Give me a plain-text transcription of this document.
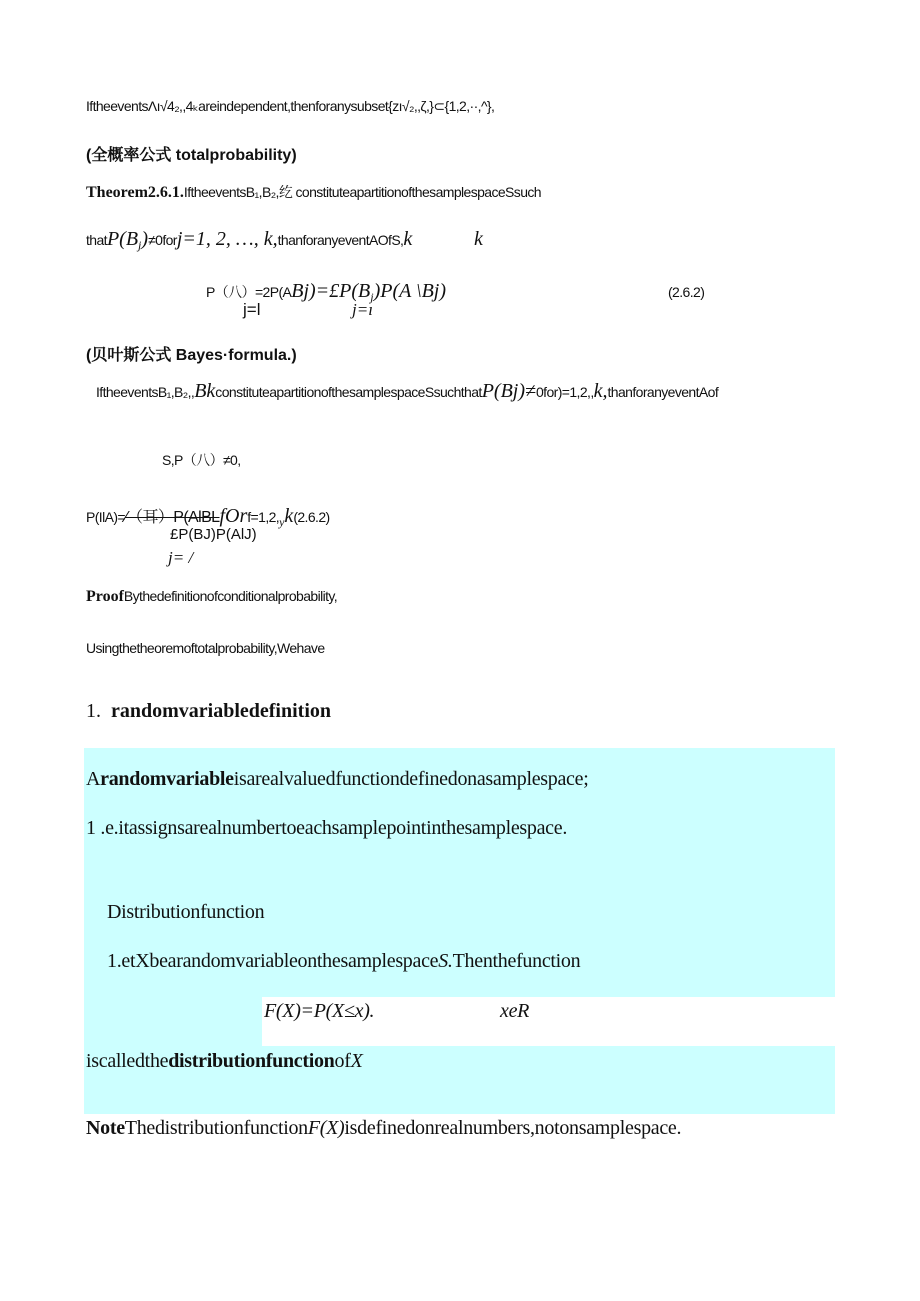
IftheeventsΛı√4₂,,4ₖareindependent,thenforanysubset{zı√₂,,ζ,}⊂{1,2,··,^},
(全概率公式 totalprobability)
Theorem2.6.1.IftheeventsB₁,B₂,纥 constituteapartitionofthesamplespaceSsuch
$thatP(B_j)\ne 0forj=1$, 2, …, k,thanforanyeventAOfS,k	k
P（八）$=2P(ABj)=£P(B_j)P(A$ \Bj)	(2.6.2)
j=l	j=ı
(贝叶斯公式 Bayes·formula.)
IftheeventsB₁,B₂,,BkconstituteapartitionofthesamplespaceSsuchthatP(Bj)≠0for)=1,2,,k,thanforanyeventAof
S,P（八）≠0,
P(IlA)=∕（耳）$P(AlBLfOrf=1,2,_yk(2.6.2)$
£P(BJ)P(AlJ)
j= /
ProofBythedefinitionofconditionalprobability,
Usingthetheoremoftotalprobability,Wehave
1. randomvariabledefinition
Arandomvariableisarealvaluedfunctiondefinedonasamplespace;
1 .e.itassignsarealnumbertoeachsamplepointinthesamplespace.
Distributionfunction
1.etXbearandomvariableonthesamplespaceS.Thenthefunction
F(X)=P(X≤x).	xeR
iscalledthedistributionfunctionofX
NoteThedistributionfunctionF(X)isdefinedonrealnumbers,notonsamplespace.
